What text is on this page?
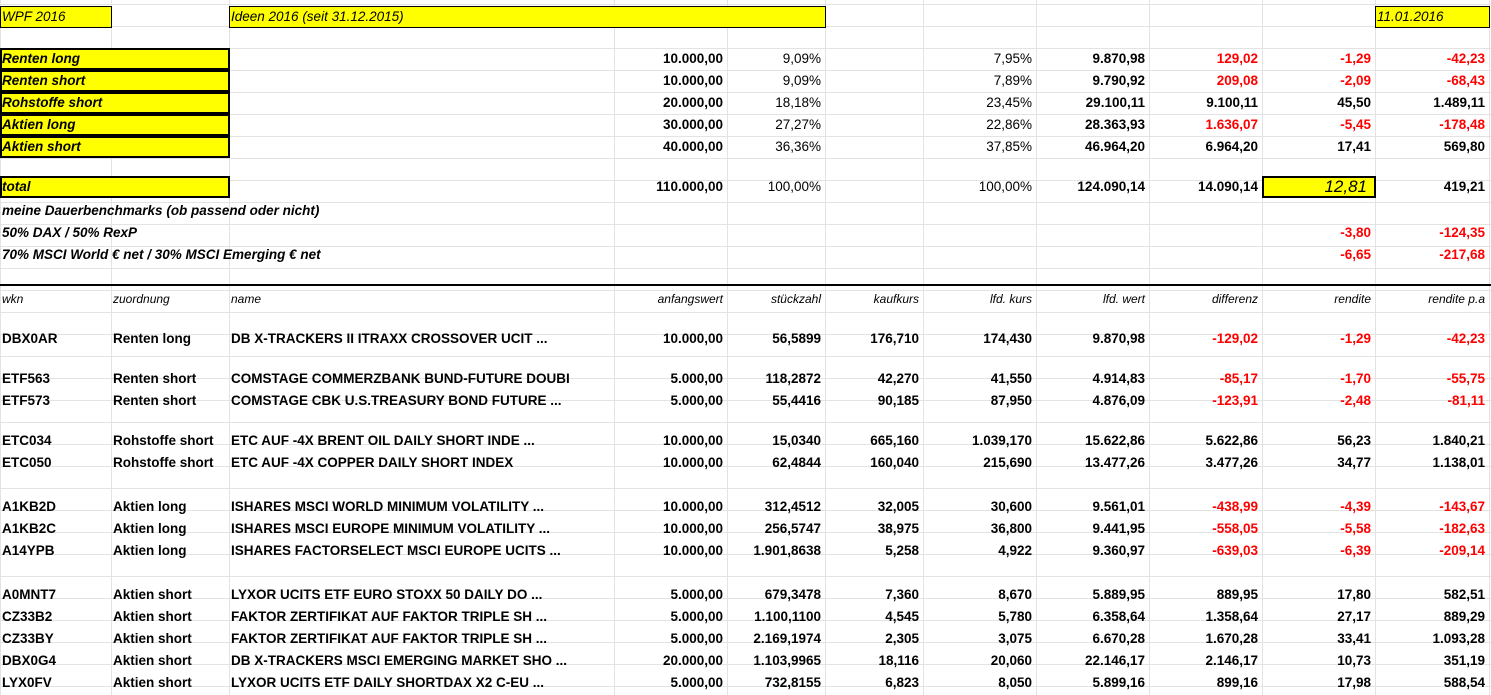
WPF 2016	Ideen 2016 (seit 31.12.2015)	11.01.2016
Renten long	10.000,00	9,09%	7,95%	9.870,98	129,02	-1,29	-42,23
Renten short	10.000,00	9,09%	7,89%	9.790,92	209,08	-2,09	-68,43
Rohstoffe short	20.000,00	18,18%	23,45%	29.100,11	9.100,11	45,50	1.489,11
Aktien long	30.000,00	27,27%	22,86%	28.363,93	1.636,07	-5,45	-178,48
Aktien short	40.000,00	36,36%	37,85%	46.964,20	6.964,20	17,41	569,80
total	110.000,00	100,00%	100,00%	124.090,14	14.090,14	12,81	419,21
meine Dauerbenchmarks (ob passend oder nicht)
50% DAX / 50% RexP	-3,80	-124,35
70% MSCI World € net / 30% MSCI Emerging € net	-6,65	-217,68
wkn	zuordnung	name	anfangswert	stückzahl	kaufkurs	lfd. kurs	lfd. wert	differenz	rendite	rendite p.a
DBX0AR	Renten long	DB X-TRACKERS II ITRAXX CROSSOVER UCIT ...	10.000,00	56,5899	176,710	174,430	9.870,98	-129,02	-1,29	-42,23
ETF563	Renten short	COMSTAGE COMMERZBANK BUND-FUTURE DOUBI	5.000,00	118,2872	42,270	41,550	4.914,83	-85,17	-1,70	-55,75
ETF573	Renten short	COMSTAGE CBK U.S.TREASURY BOND FUTURE ...	5.000,00	55,4416	90,185	87,950	4.876,09	-123,91	-2,48	-81,11
ETC034	Rohstoffe short	ETC AUF -4X BRENT OIL DAILY SHORT INDE ...	10.000,00	15,0340	665,160	1.039,170	15.622,86	5.622,86	56,23	1.840,21
ETC050	Rohstoffe short	ETC AUF -4X COPPER DAILY SHORT INDEX	10.000,00	62,4844	160,040	215,690	13.477,26	3.477,26	34,77	1.138,01
A1KB2D	Aktien long	ISHARES MSCI WORLD MINIMUM VOLATILITY ...	10.000,00	312,4512	32,005	30,600	9.561,01	-438,99	-4,39	-143,67
A1KB2C	Aktien long	ISHARES MSCI EUROPE MINIMUM VOLATILITY ...	10.000,00	256,5747	38,975	36,800	9.441,95	-558,05	-5,58	-182,63
A14YPB	Aktien long	ISHARES FACTORSELECT MSCI EUROPE UCITS ...	10.000,00	1.901,8638	5,258	4,922	9.360,97	-639,03	-6,39	-209,14
A0MNT7	Aktien short	LYXOR UCITS ETF EURO STOXX 50 DAILY DO ...	5.000,00	679,3478	7,360	8,670	5.889,95	889,95	17,80	582,51
CZ33B2	Aktien short	FAKTOR ZERTIFIKAT AUF FAKTOR TRIPLE SH ...	5.000,00	1.100,1100	4,545	5,780	6.358,64	1.358,64	27,17	889,29
CZ33BY	Aktien short	FAKTOR ZERTIFIKAT AUF FAKTOR TRIPLE SH ...	5.000,00	2.169,1974	2,305	3,075	6.670,28	1.670,28	33,41	1.093,28
DBX0G4	Aktien short	DB X-TRACKERS MSCI EMERGING MARKET SHO ...	20.000,00	1.103,9965	18,116	20,060	22.146,17	2.146,17	10,73	351,19
LYX0FV	Aktien short	LYXOR UCITS ETF DAILY SHORTDAX X2 C-EU ...	5.000,00	732,8155	6,823	8,050	5.899,16	899,16	17,98	588,54
